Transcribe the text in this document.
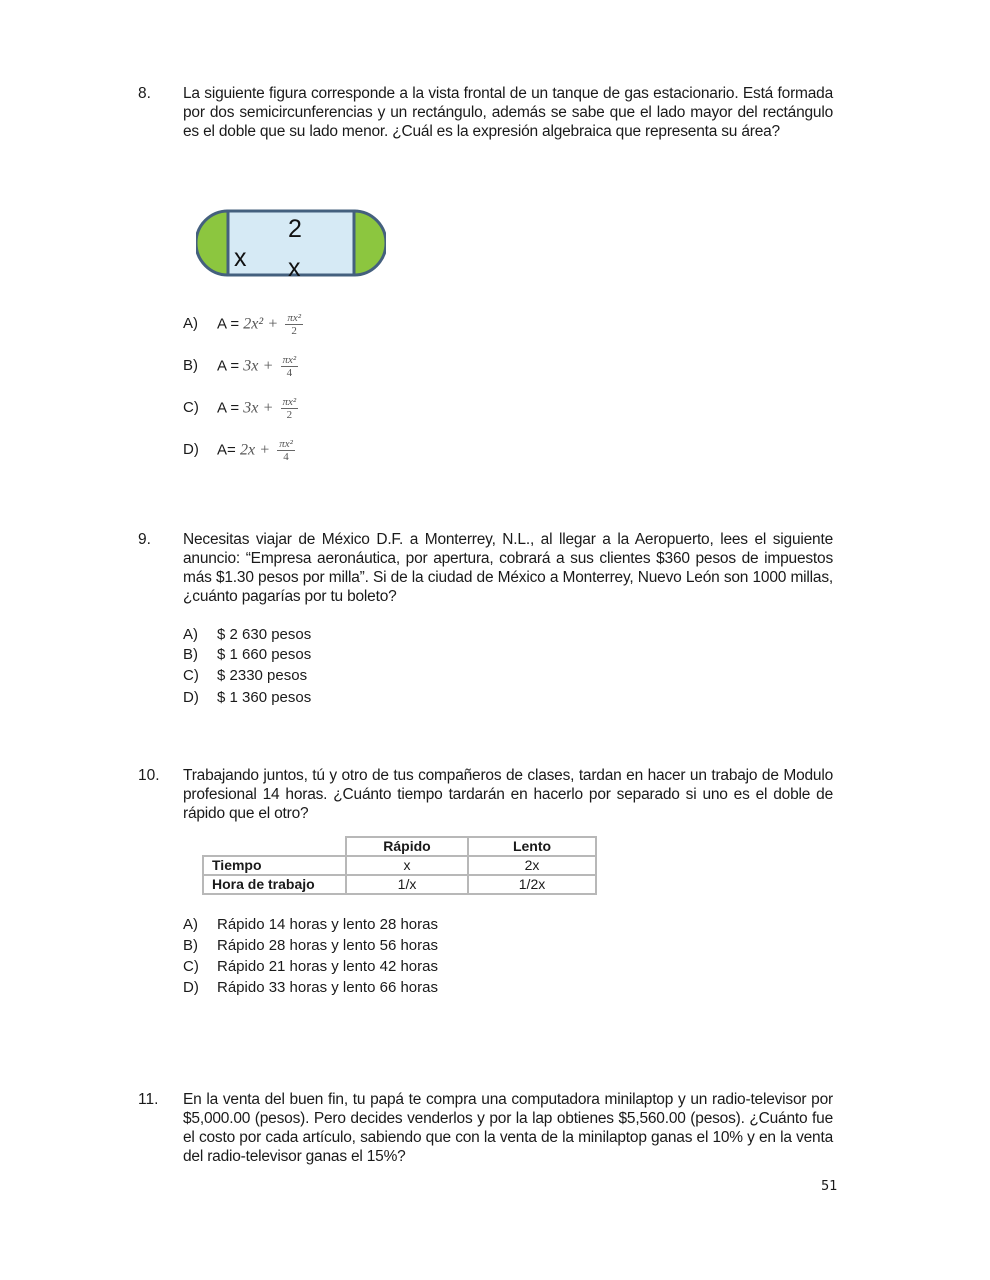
8. La siguiente figura corresponde a la vista frontal de un tanque de gas estacionario. Está formada por dos semicircunferencias y un rectángulo, además se sabe que el lado mayor del rectángulo es el doble que su lado menor. ¿Cuál es la expresión algebraica que representa su área?
x
2
x
A) $A = 2x^2 + \frac{\text{πx²}}{2}$
B) $A = 3x + \frac{\text{πx²}}{4}$
C) $A = 3x + \frac{\text{πx²}}{2}$
D) $A= 2x + \frac{\text{πx²}}{4}$
9. Necesitas viajar de México D.F. a Monterrey, N.L., al llegar a la Aeropuerto, lees el siguiente anuncio: “Empresa aeronáutica, por apertura, cobrará a sus clientes $360 pesos de impuestos más $1.30 pesos por milla”. Si de la ciudad de México a Monterrey, Nuevo León son 1000 millas, ¿cuánto pagarías por tu boleto?
A) $ 2 630 pesos
B) $ 1 660 pesos
C) $ 2330 pesos
D) $ 1 360 pesos
10. Trabajando juntos, tú y otro de tus compañeros de clases, tardan en hacer un trabajo de Modulo profesional 14 horas. ¿Cuánto tiempo tardarán en hacerlo por separado si uno es el doble de rápido que el otro?
	Rápido	Lento
Tiempo	x	2x
Hora de trabajo	1/x	1/2x
A) Rápido 14 horas y lento 28 horas
B) Rápido 28 horas y lento 56 horas
C) Rápido 21 horas y lento 42 horas
D) Rápido 33 horas y lento 66 horas
11. En la venta del buen fin, tu papá te compra una computadora minilaptop y un radio-televisor por $5,000.00 (pesos). Pero decides venderlos y por la lap obtienes $5,560.00 (pesos). ¿Cuánto fue el costo por cada artículo, sabiendo que con la venta de la minilaptop ganas el 10% y en la venta del radio-televisor ganas el 15%?
51
